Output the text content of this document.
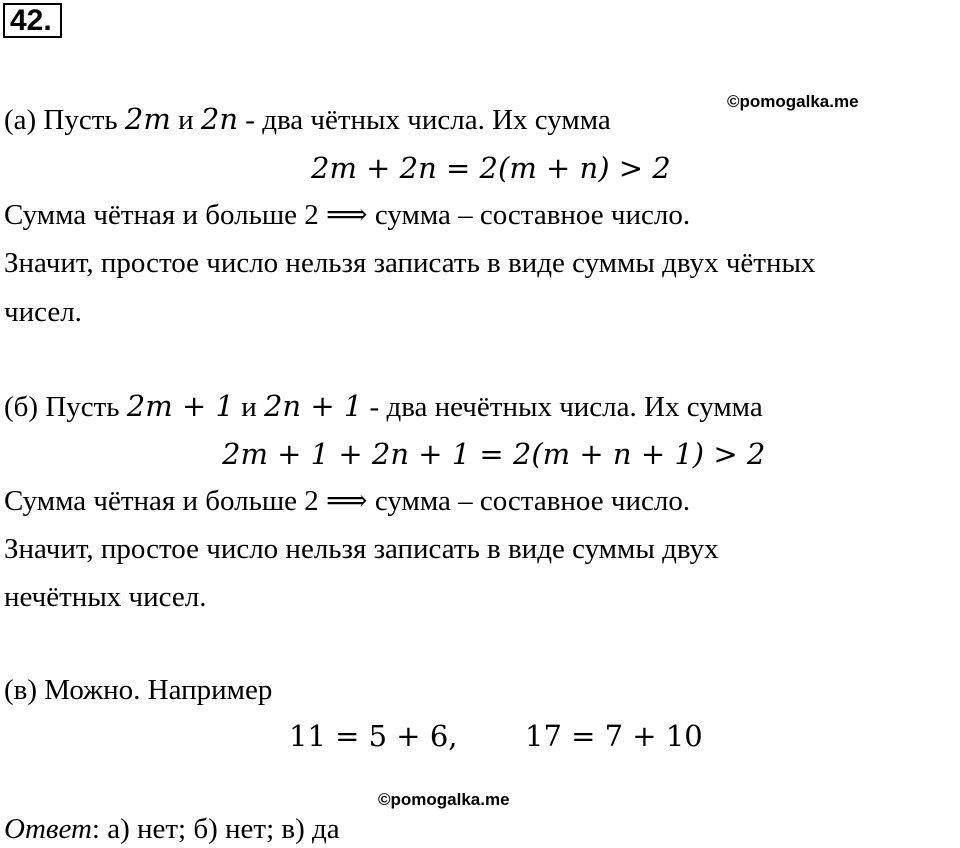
42.
©pomogalka.me
(а) Пусть 2m и 2n - два чётных числа. Их сумма
2m + 2n = 2(m + n) > 2
Сумма чётная и больше 2 ⟹ сумма – составное число.
Значит, простое число нельзя записать в виде суммы двух чётных
чисел.
(б) Пусть 2m + 1 и 2n + 1 - два нечётных числа. Их сумма
2m + 1 + 2n + 1 = 2(m + n + 1) > 2
Сумма чётная и больше 2 ⟹ сумма – составное число.
Значит, простое число нельзя записать в виде суммы двух
нечётных чисел.
(в) Можно. Например
11 = 5 + 6, 17 = 7 + 10
©pomogalka.me
Ответ: а) нет; б) нет; в) да
